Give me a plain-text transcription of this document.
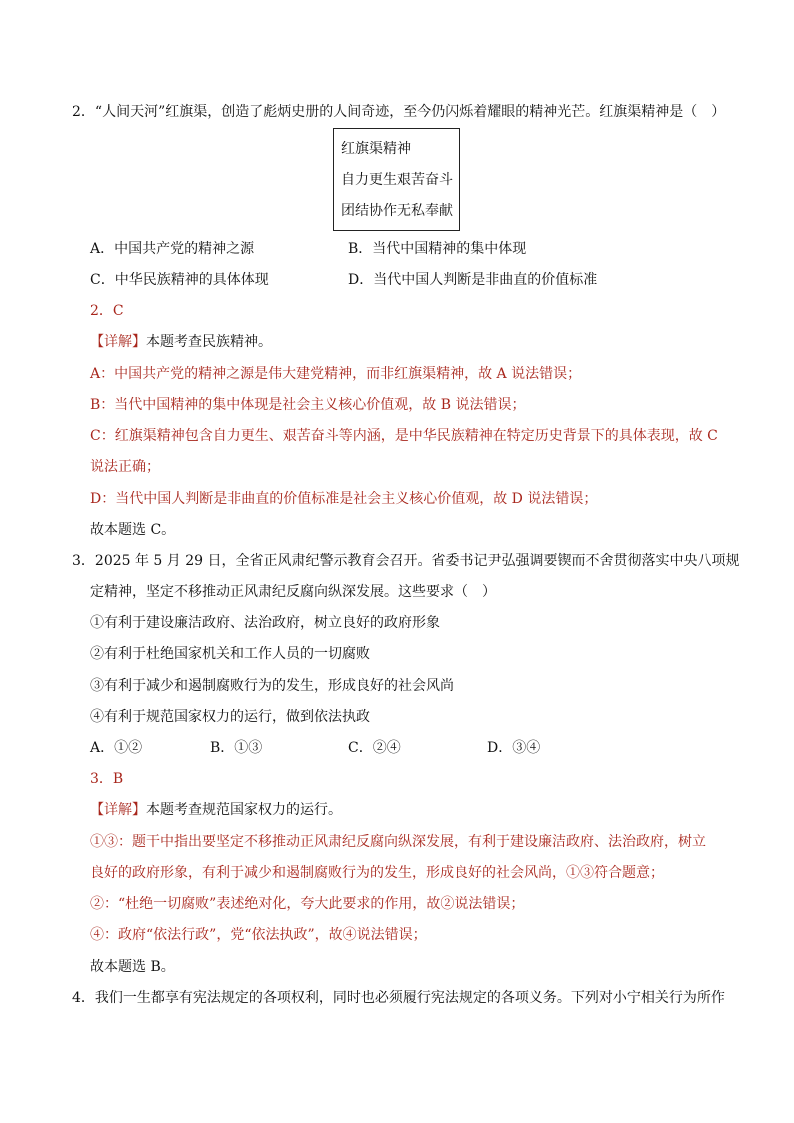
2．“人间天河”红旗渠，创造了彪炳史册的人间奇迹，至今仍闪烁着耀眼的精神光芒。红旗渠精神是（　）
红旗渠精神
自力更生艰苦奋斗
团结协作无私奉献
A．中国共产党的精神之源	B．当代中国精神的集中体现
C．中华民族精神的具体体现	D．当代中国人判断是非曲直的价值标准
2．C
【详解】本题考查民族精神。
A：中国共产党的精神之源是伟大建党精神，而非红旗渠精神，故 A 说法错误；
B：当代中国精神的集中体现是社会主义核心价值观，故 B 说法错误；
C：红旗渠精神包含自力更生、艰苦奋斗等内涵，是中华民族精神在特定历史背景下的具体表现，故 C
说法正确；
D：当代中国人判断是非曲直的价值标准是社会主义核心价值观，故 D 说法错误；
故本题选 C。
3．2025 年 5 月 29 日，全省正风肃纪警示教育会召开。省委书记尹弘强调要锲而不舍贯彻落实中央八项规
定精神，坚定不移推动正风肃纪反腐向纵深发展。这些要求（　）
①有利于建设廉洁政府、法治政府，树立良好的政府形象
②有利于杜绝国家机关和工作人员的一切腐败
③有利于减少和遏制腐败行为的发生，形成良好的社会风尚
④有利于规范国家权力的运行，做到依法执政
A．①②	B．①③	C．②④	D．③④
3．B
【详解】本题考查规范国家权力的运行。
①③：题干中指出要坚定不移推动正风肃纪反腐向纵深发展，有利于建设廉洁政府、法治政府，树立
良好的政府形象，有利于减少和遏制腐败行为的发生，形成良好的社会风尚，①③符合题意；
②：“杜绝一切腐败”表述绝对化，夸大此要求的作用，故②说法错误；
④：政府“依法行政”，党“依法执政”，故④说法错误；
故本题选 B。
4．我们一生都享有宪法规定的各项权利，同时也必须履行宪法规定的各项义务。下列对小宁相关行为所作
